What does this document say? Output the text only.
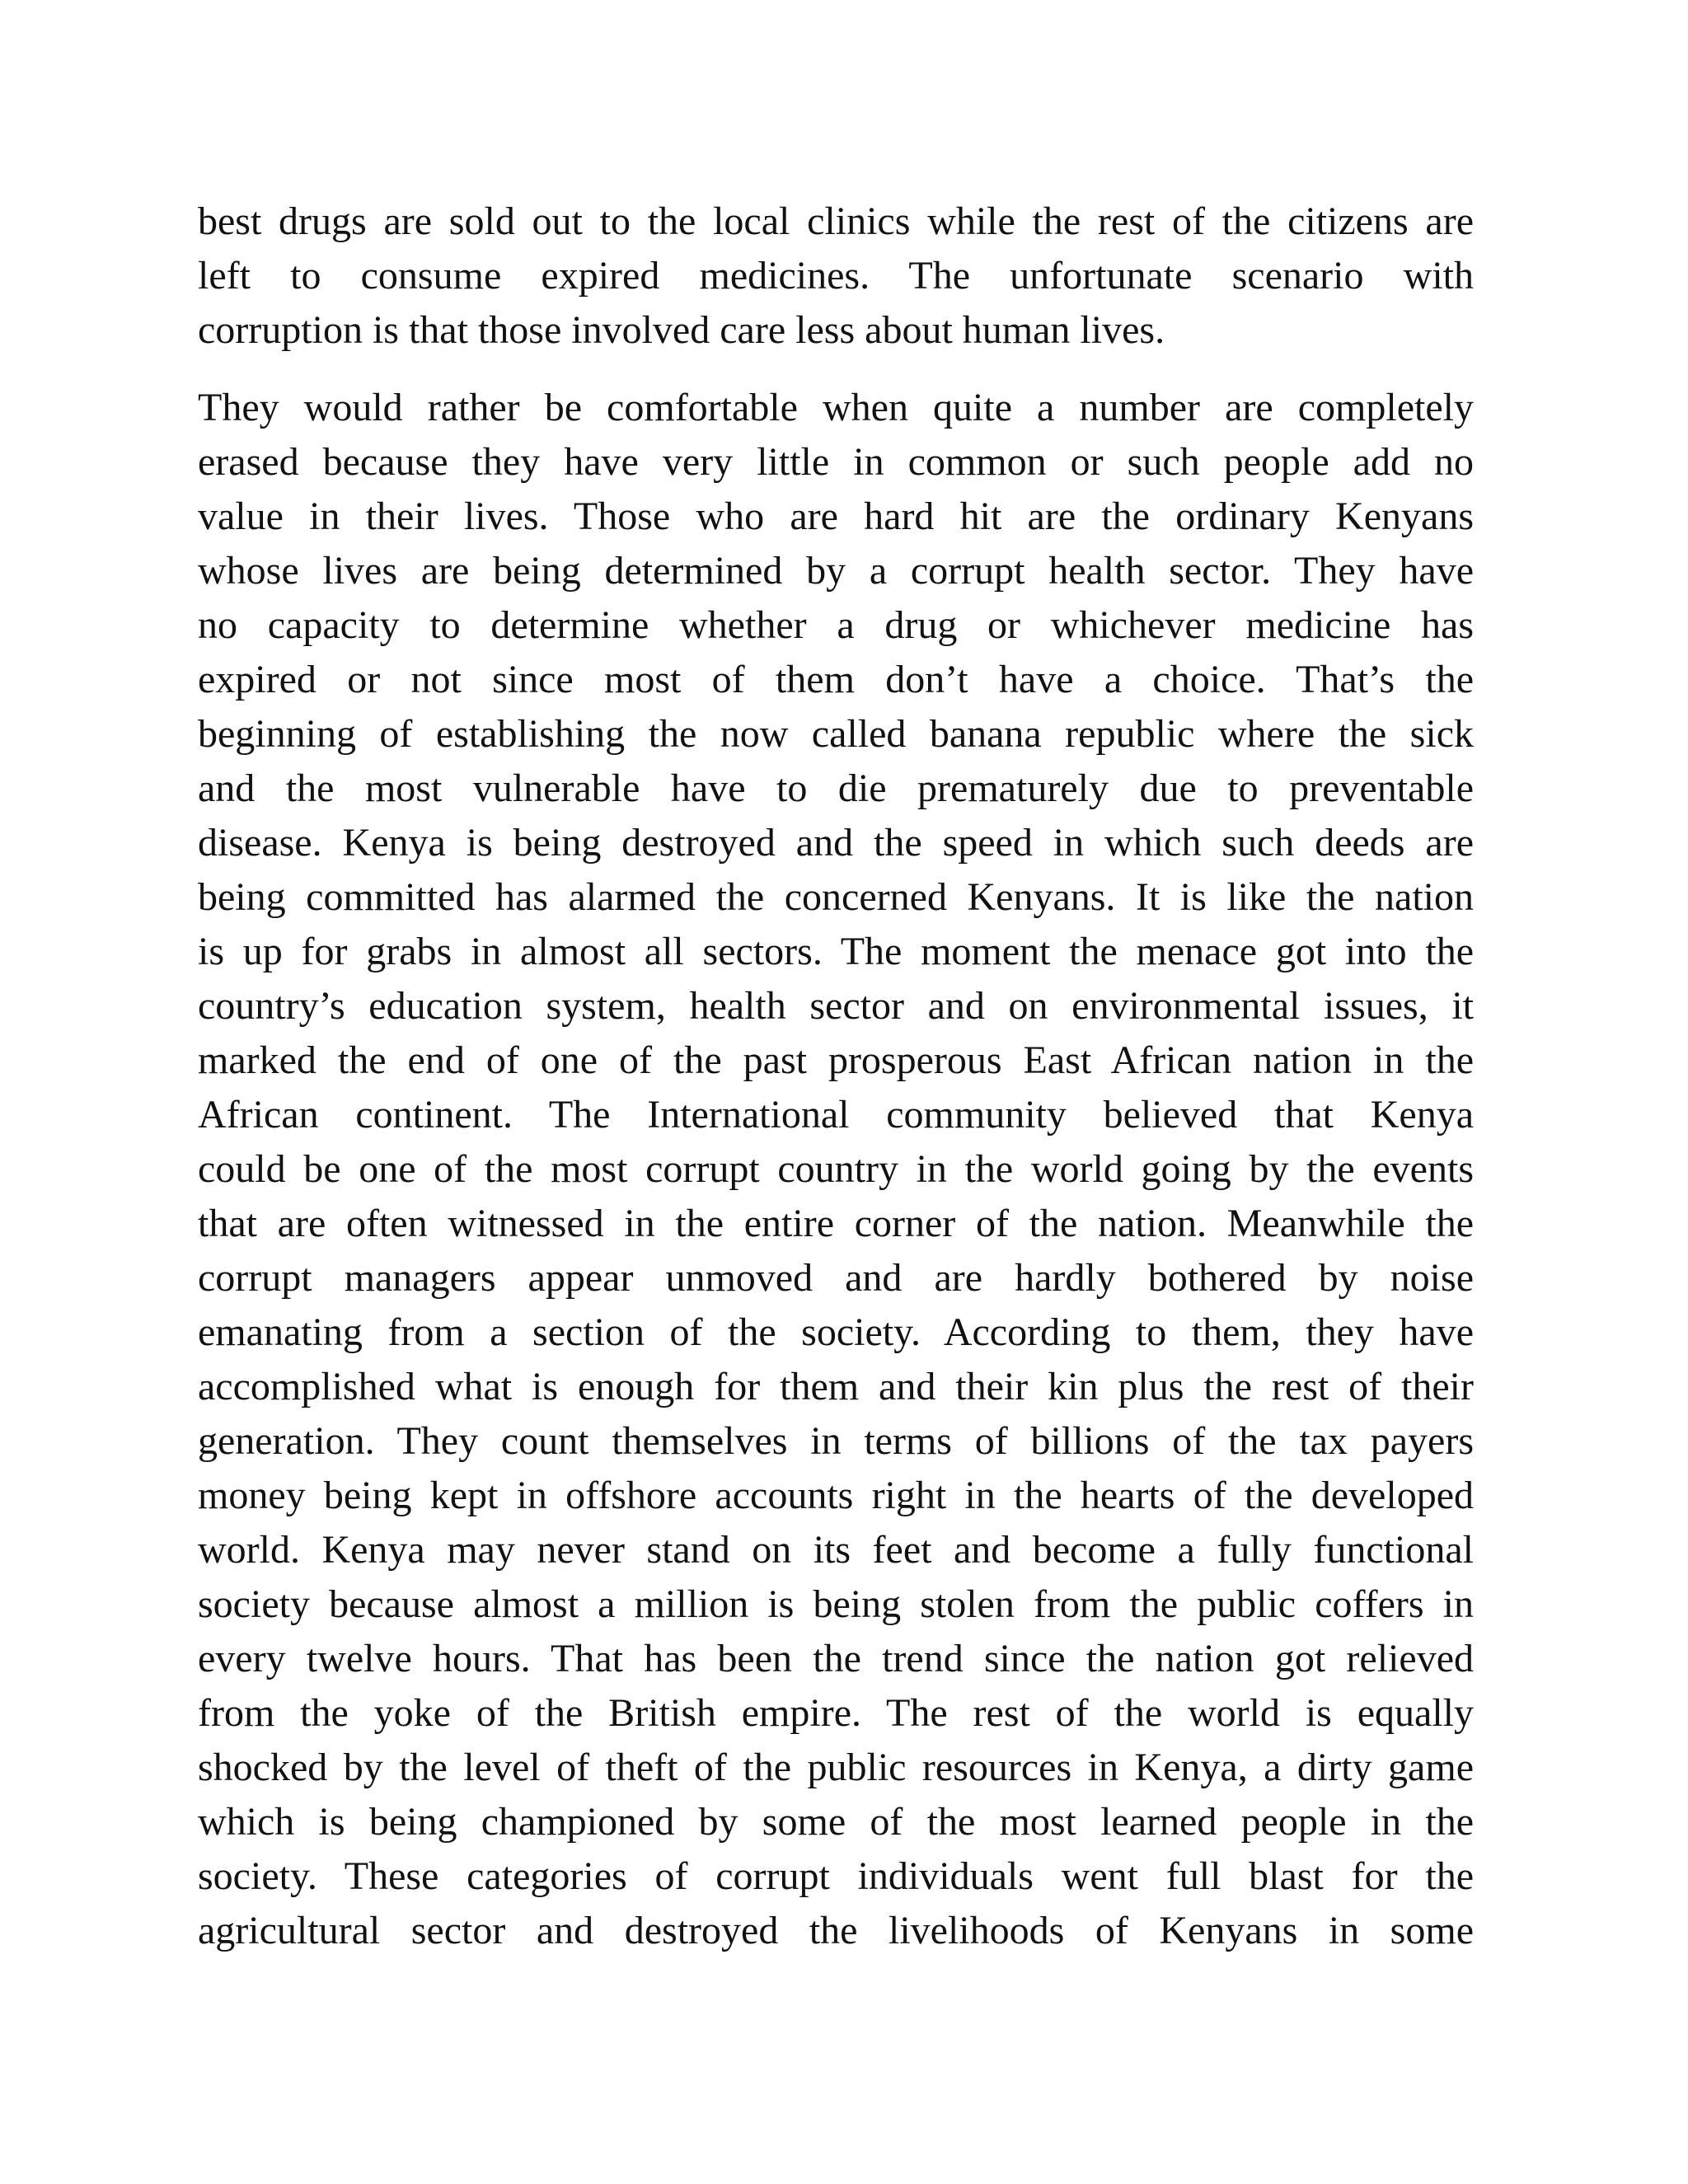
best drugs are sold out to the local clinics while the rest of the citizens are
left to consume expired medicines. The unfortunate scenario with
corruption is that those involved care less about human lives.
They would rather be comfortable when quite a number are completely
erased because they have very little in common or such people add no
value in their lives. Those who are hard hit are the ordinary Kenyans
whose lives are being determined by a corrupt health sector. They have
no capacity to determine whether a drug or whichever medicine has
expired or not since most of them don’t have a choice. That’s the
beginning of establishing the now called banana republic where the sick
and the most vulnerable have to die prematurely due to preventable
disease. Kenya is being destroyed and the speed in which such deeds are
being committed has alarmed the concerned Kenyans. It is like the nation
is up for grabs in almost all sectors. The moment the menace got into the
country’s education system, health sector and on environmental issues, it
marked the end of one of the past prosperous East African nation in the
African continent. The International community believed that Kenya
could be one of the most corrupt country in the world going by the events
that are often witnessed in the entire corner of the nation. Meanwhile the
corrupt managers appear unmoved and are hardly bothered by noise
emanating from a section of the society. According to them, they have
accomplished what is enough for them and their kin plus the rest of their
generation. They count themselves in terms of billions of the tax payers
money being kept in offshore accounts right in the hearts of the developed
world. Kenya may never stand on its feet and become a fully functional
society because almost a million is being stolen from the public coffers in
every twelve hours. That has been the trend since the nation got relieved
from the yoke of the British empire. The rest of the world is equally
shocked by the level of theft of the public resources in Kenya, a dirty game
which is being championed by some of the most learned people in the
society. These categories of corrupt individuals went full blast for the
agricultural sector and destroyed the livelihoods of Kenyans in some
